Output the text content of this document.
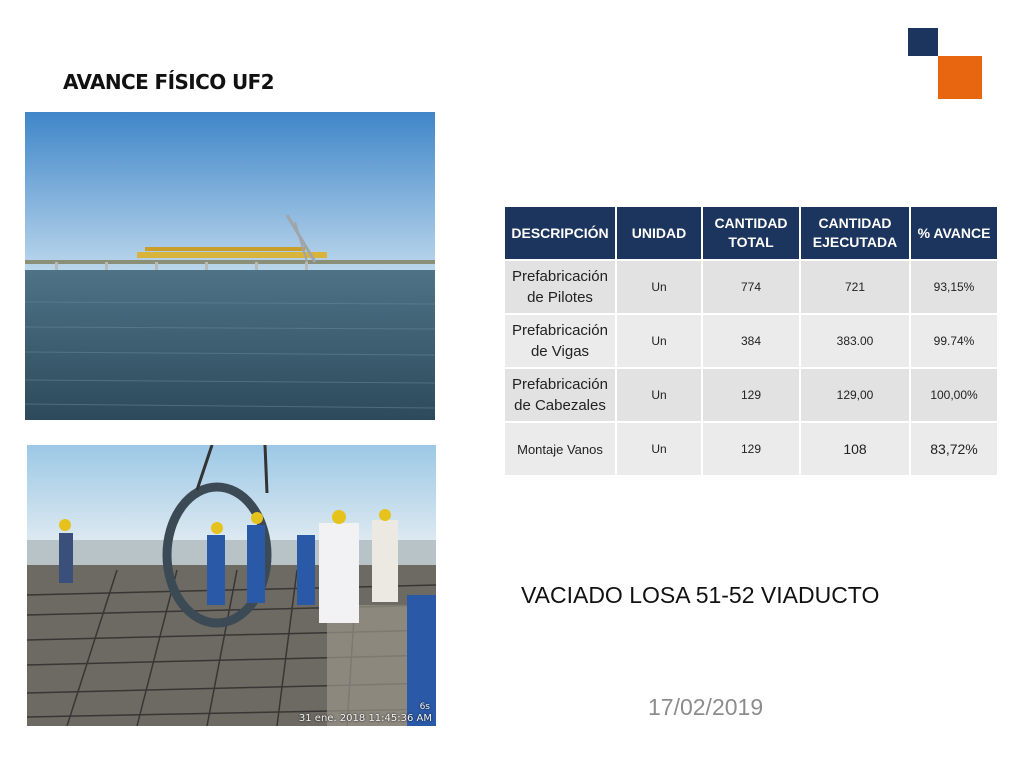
AVANCE FÍSICO UF2
6s
31 ene. 2018 11:45:36 AM
DESCRIPCIÓN	UNIDAD	CANTIDAD TOTAL	CANTIDAD EJECUTADA	% AVANCE
Prefabricación de Pilotes	Un	774	721	93,15%
Prefabricación de Vigas	Un	384	383.00	99.74%
Prefabricación de Cabezales	Un	129	129,00	100,00%
Montaje Vanos	Un	129	108	83,72%
VACIADO LOSA 51-52 VIADUCTO
17/02/2019
